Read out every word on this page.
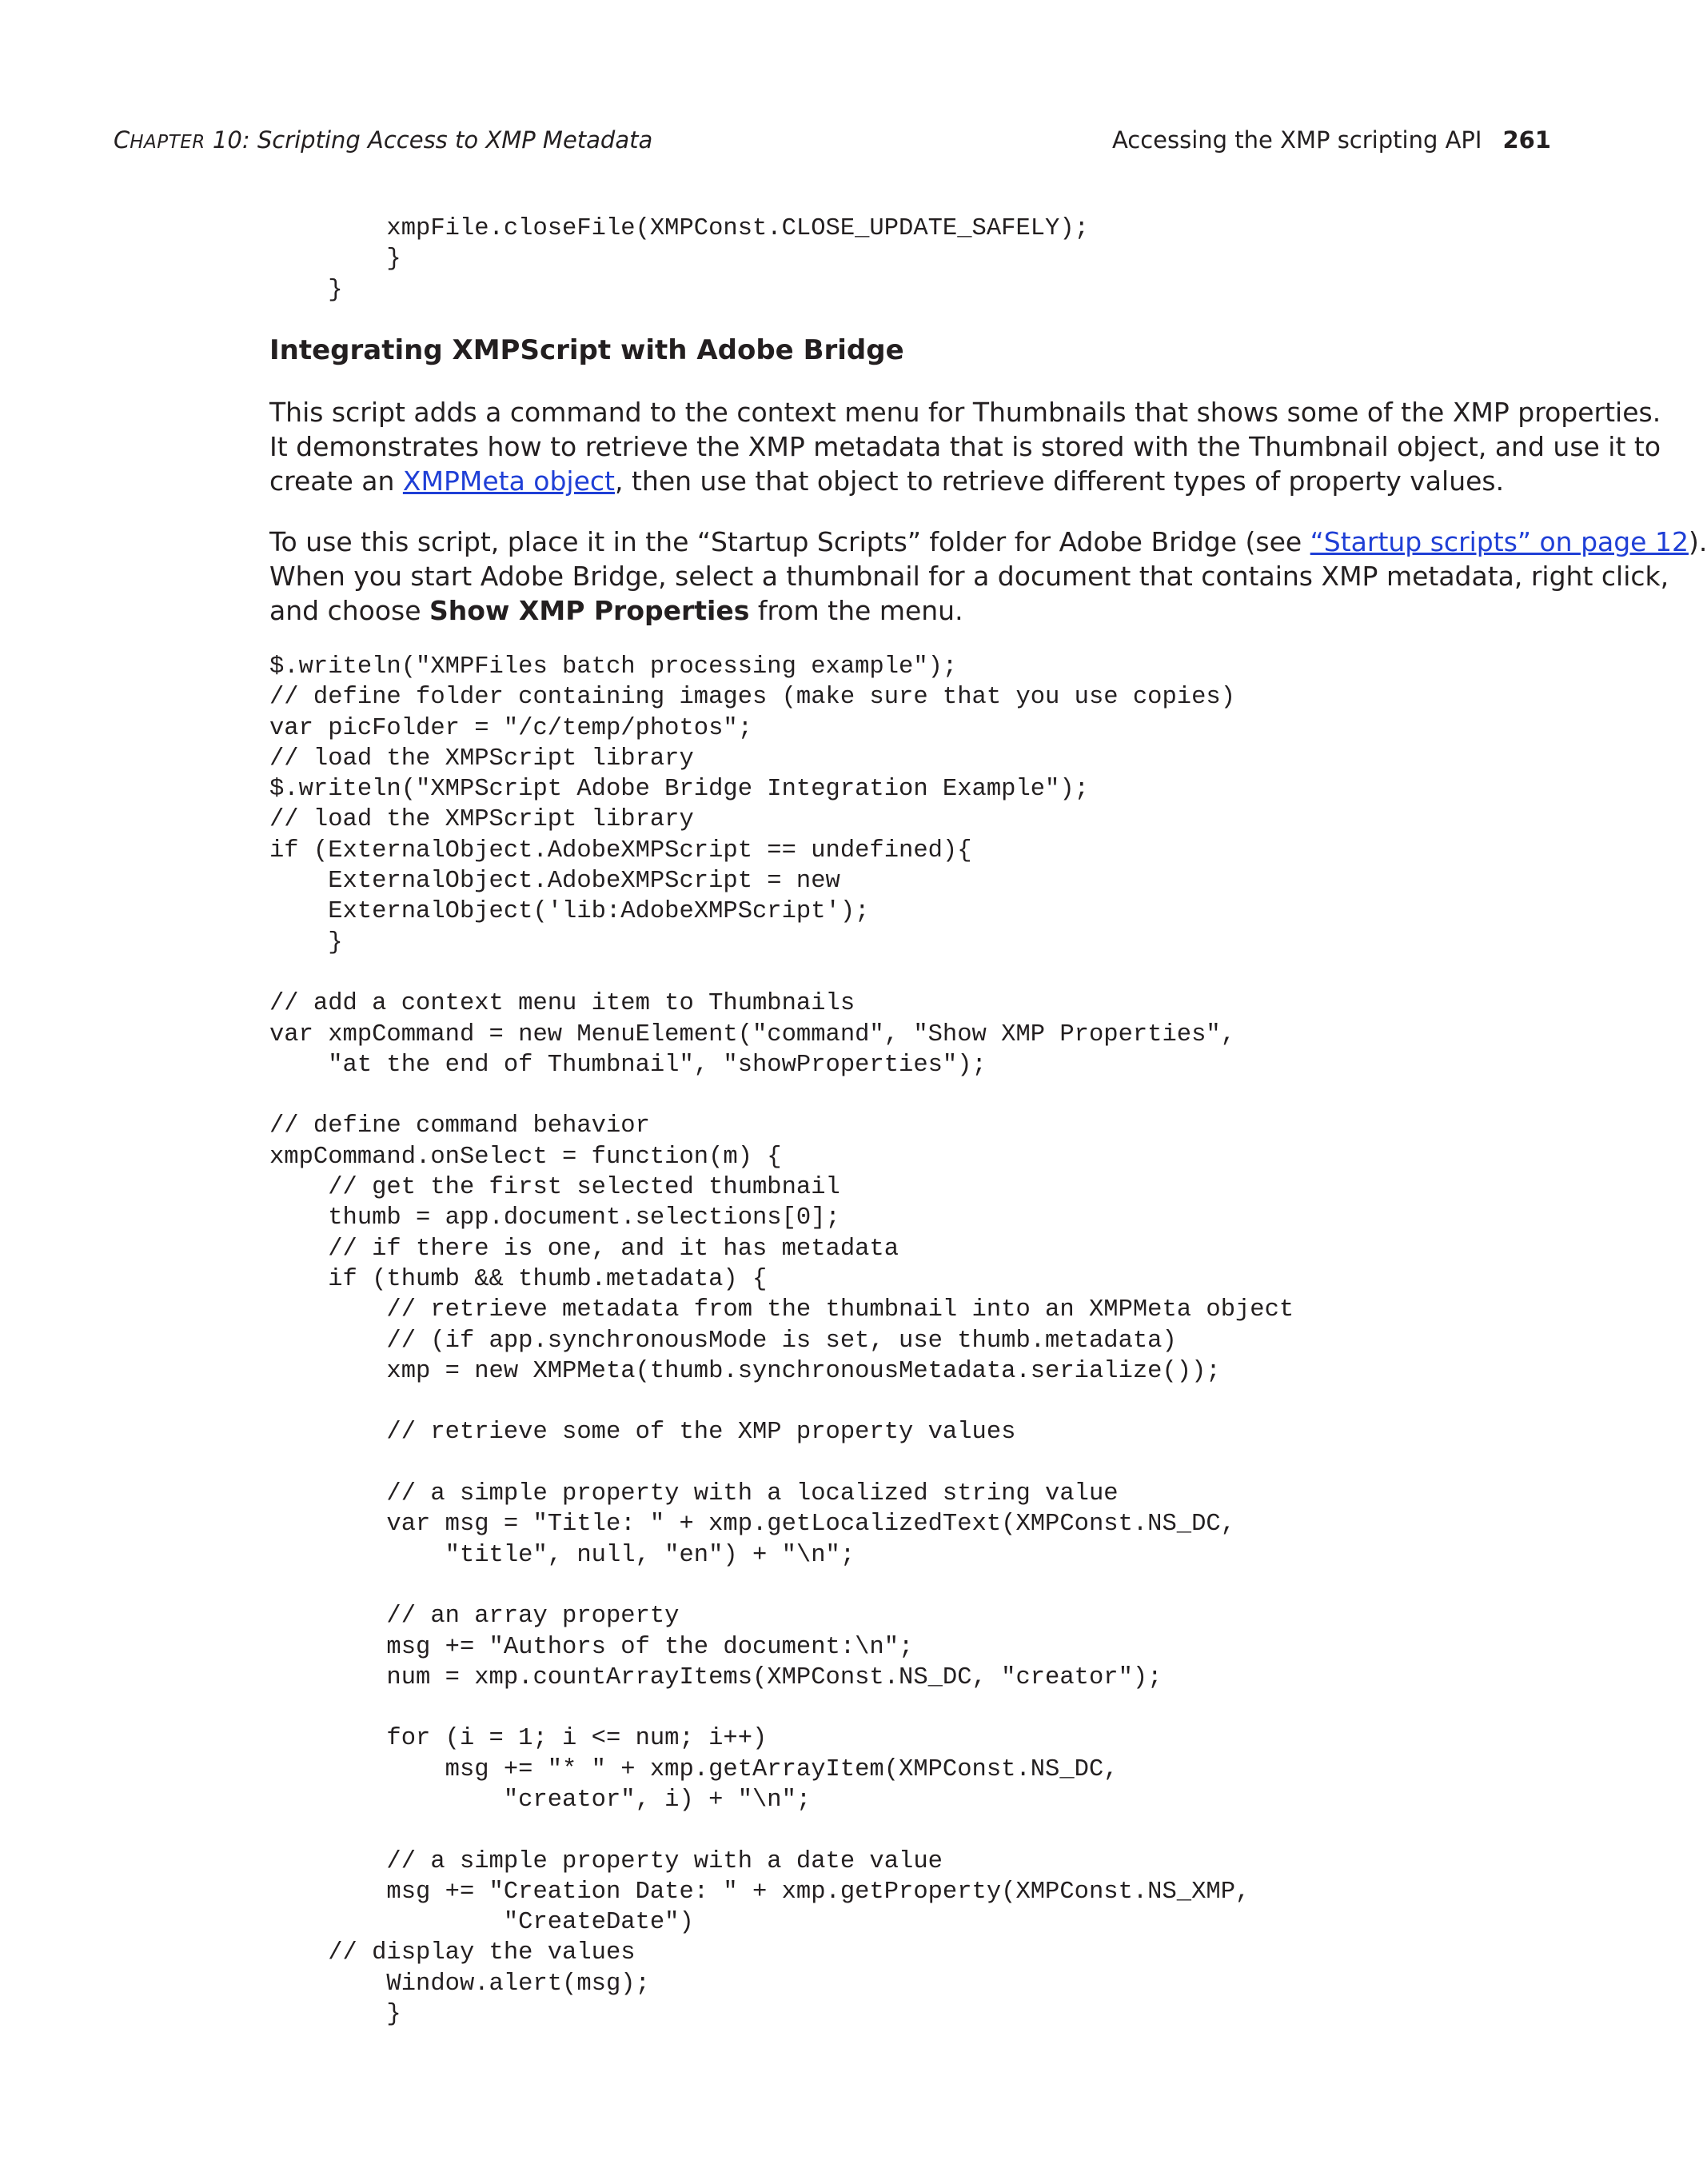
CHAPTER 10: Scripting Access to XMP Metadata	Accessing the XMP scripting API 261
xmpFile.closeFile(XMPConst.CLOSE_UPDATE_SAFELY);
}
}
Integrating XMPScript with Adobe Bridge
This script adds a command to the context menu for Thumbnails that shows some of the XMP properties.
It demonstrates how to retrieve the XMP metadata that is stored with the Thumbnail object, and use it to
create an XMPMeta object, then use that object to retrieve different types of property values.
To use this script, place it in the “Startup Scripts” folder for Adobe Bridge (see “Startup scripts” on page 12).
When you start Adobe Bridge, select a thumbnail for a document that contains XMP metadata, right click,
and choose Show XMP Properties from the menu.
$.writeln("XMPFiles batch processing example");
// define folder containing images (make sure that you use copies)
var picFolder = "/c/temp/photos";
// load the XMPScript library
$.writeln("XMPScript Adobe Bridge Integration Example");
// load the XMPScript library
if (ExternalObject.AdobeXMPScript == undefined){
ExternalObject.AdobeXMPScript = new
ExternalObject('lib:AdobeXMPScript');
}
// add a context menu item to Thumbnails
var xmpCommand = new MenuElement("command", "Show XMP Properties",
"at the end of Thumbnail", "showProperties");
// define command behavior
xmpCommand.onSelect = function(m) {
// get the first selected thumbnail
thumb = app.document.selections[0];
// if there is one, and it has metadata
if (thumb && thumb.metadata) {
// retrieve metadata from the thumbnail into an XMPMeta object
// (if app.synchronousMode is set, use thumb.metadata)
xmp = new XMPMeta(thumb.synchronousMetadata.serialize());
// retrieve some of the XMP property values
// a simple property with a localized string value
var msg = "Title: " + xmp.getLocalizedText(XMPConst.NS_DC,
"title", null, "en") + "\n";
// an array property
msg += "Authors of the document:\n";
num = xmp.countArrayItems(XMPConst.NS_DC, "creator");
for (i = 1; i <= num; i++)
msg += "* " + xmp.getArrayItem(XMPConst.NS_DC,
"creator", i) + "\n";
// a simple property with a date value
msg += "Creation Date: " + xmp.getProperty(XMPConst.NS_XMP,
"CreateDate")
// display the values
Window.alert(msg);
}
